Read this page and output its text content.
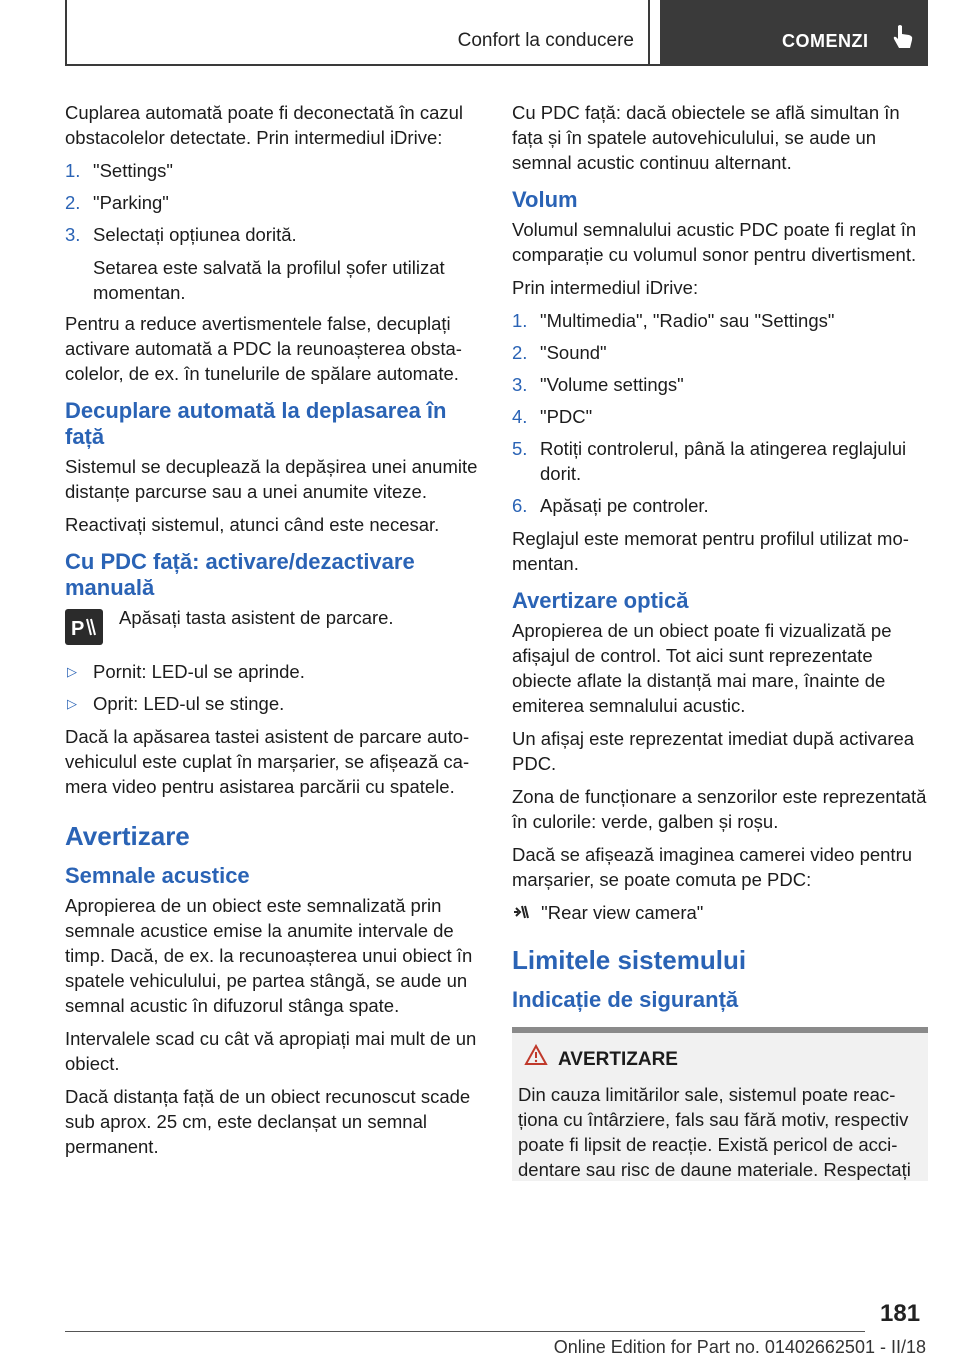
Confort la conducere	COMENZI

Cuplarea automată poate fi deconectată în cazul obstacolelor detectate. Prin intermediul iDrive:

1. "Settings"
2. "Parking"
3. Selectați opțiunea dorită.

Setarea este salvată la profilul șofer utilizat momentan.

Pentru a reduce avertismentele false, decuplați activare automată a PDC la reunoașterea obstacolelor, de ex. în tunelurile de spălare automate.

Decuplare automată la deplasarea în față

Sistemul se decuplează la depășirea unei anumite distanțe parcurse sau a unei anumite viteze.

Reactivați sistemul, atunci când este necesar.

Cu PDC față: activare/dezactivare manuală
P
Apăsați tasta asistent de parcare.
▷ Pornit: LED-ul se aprinde.
▷ Oprit: LED-ul se stinge.

Dacă la apăsarea tastei asistent de parcare autovehiculul este cuplat în marșarier, se afișează camera video pentru asistarea parcării cu spatele.

Avertizare
Semnale acustice

Apropierea de un obiect este semnalizată prin semnale acustice emise la anumite intervale de timp. Dacă, de ex. la recunoașterea unui obiect în spatele vehiculului, pe partea stângă, se aude un semnal acustic în difuzorul stânga spate.

Intervalele scad cu cât vă apropiați mai mult de un obiect.

Dacă distanța față de un obiect recunoscut scade sub aprox. 25 cm, este declanșat un semnal permanent.

Cu PDC față: dacă obiectele se află simultan în fața și în spatele autovehiculului, se aude un semnal acustic continuu alternant.

Volum

Volumul semnalului acustic PDC poate fi reglat în comparație cu volumul sonor pentru divertisment.

Prin intermediul iDrive:

1. "Multimedia", "Radio" sau "Settings"
2. "Sound"
3. "Volume settings"
4. "PDC"
5. Rotiți controlerul, până la atingerea reglajului dorit.
6. Apăsați pe controler.

Reglajul este memorat pentru profilul utilizat momentan.

Avertizare optică

Apropierea de un obiect poate fi vizualizată pe afișajul de control. Tot aici sunt reprezentate obiecte aflate la distanță mai mare, înainte de emiterea semnalului acustic.

Un afișaj este reprezentat imediat după activarea PDC.

Zona de funcționare a senzorilor este reprezentată în culorile: verde, galben și roșu.

Dacă se afișează imaginea camerei video pentru marșarier, se poate comuta pe PDC:

"Rear view camera"

Limitele sistemului
Indicație de siguranță
AVERTIZARE

Din cauza limitărilor sale, sistemul poate reacționa cu întârziere, fals sau fără motiv, respectiv poate fi lipsit de reacție. Există pericol de accidentare sau risc de daune materiale. Respectați

181
Online Edition for Part no. 01402662501 - II/18
